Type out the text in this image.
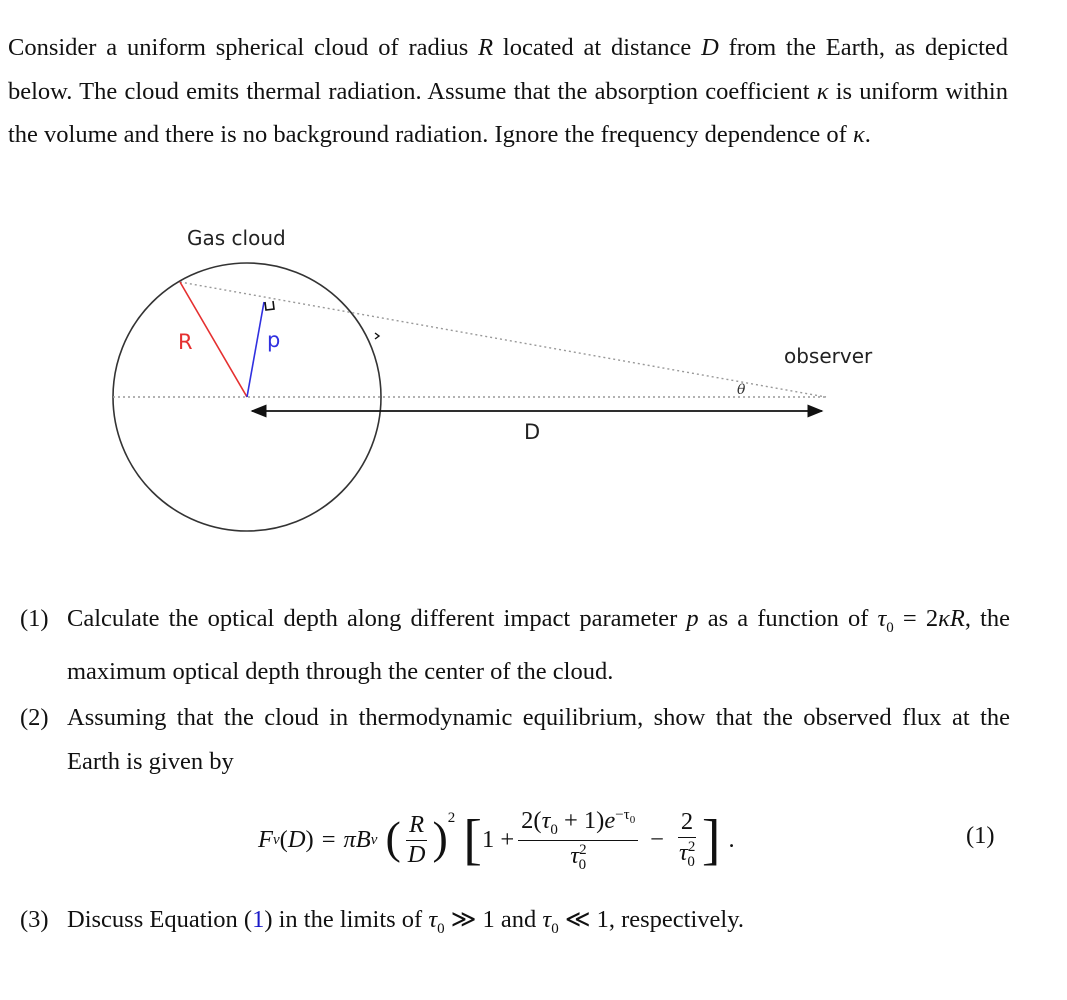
Consider a uniform spherical cloud of radius R located at distance D from the Earth, as depicted below. The cloud emits thermal radiation. Assume that the absorption coefficient κ is uniform within the volume and there is no background radiation. Ignore the frequency dependence of κ.
Gas cloud
R	p
observer
θ
D
(1) Calculate the optical depth along different impact parameter p as a function of $\tau_0 = 2\kappa R$, the maximum optical depth through the center of the cloud.
(2) Assuming that the cloud in thermodynamic equilibrium, show that the observed flux at the Earth is given by
F ν ( D ) = π B ν ( $\frac{R}{D} )^2$ [ $1 + \frac{2(\tau_0 + 1)e^{-\tau_0}}{\tau^2_0} - \frac{2}{\tau^2_0}$ ] .	(1)
(3) Discuss Equation (1) in the limits of $\tau_0$ ≫ 1 and $\tau_0$ ≪ 1, respectively.
